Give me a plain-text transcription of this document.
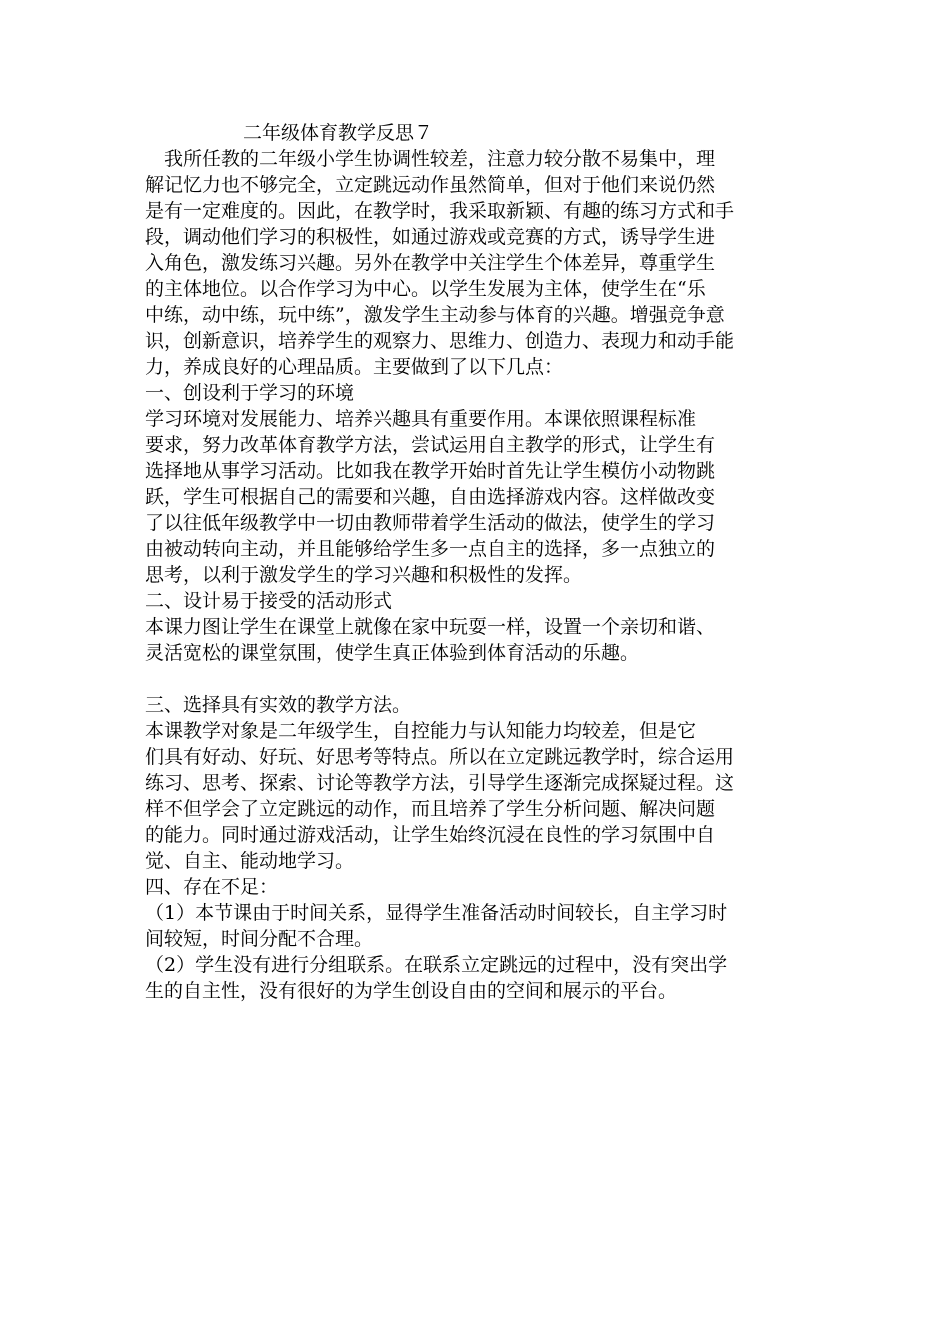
二年级体育教学反思７
　我所任教的二年级小学生协调性较差，注意力较分散不易集中，理
解记忆力也不够完全，立定跳远动作虽然简单，但对于他们来说仍然
是有一定难度的。因此，在教学时，我采取新颖、有趣的练习方式和手
段，调动他们学习的积极性，如通过游戏或竞赛的方式，诱导学生进
入角色，激发练习兴趣。另外在教学中关注学生个体差异，尊重学生
的主体地位。以合作学习为中心。以学生发展为主体，使学生在“乐
中练，动中练，玩中练”，激发学生主动参与体育的兴趣。增强竞争意
识，创新意识，培养学生的观察力、思维力、创造力、表现力和动手能
力，养成良好的心理品质。主要做到了以下几点：
一、创设利于学习的环境
学习环境对发展能力、培养兴趣具有重要作用。本课依照课程标准
要求，努力改革体育教学方法，尝试运用自主教学的形式，让学生有
选择地从事学习活动。比如我在教学开始时首先让学生模仿小动物跳
跃，学生可根据自己的需要和兴趣，自由选择游戏内容。这样做改变
了以往低年级教学中一切由教师带着学生活动的做法，使学生的学习
由被动转向主动，并且能够给学生多一点自主的选择，多一点独立的
思考，以利于激发学生的学习兴趣和积极性的发挥。
二、设计易于接受的活动形式
本课力图让学生在课堂上就像在家中玩耍一样，设置一个亲切和谐、
灵活宽松的课堂氛围，使学生真正体验到体育活动的乐趣。
三、选择具有实效的教学方法。
本课教学对象是二年级学生，自控能力与认知能力均较差，但是它
们具有好动、好玩、好思考等特点。所以在立定跳远教学时，综合运用
练习、思考、探索、讨论等教学方法，引导学生逐渐完成探疑过程。这
样不但学会了立定跳远的动作，而且培养了学生分析问题、解决问题
的能力。同时通过游戏活动，让学生始终沉浸在良性的学习氛围中自
觉、自主、能动地学习。
四、存在不足：
（1）本节课由于时间关系，显得学生准备活动时间较长，自主学习时
间较短，时间分配不合理。
（2）学生没有进行分组联系。在联系立定跳远的过程中，没有突出学
生的自主性，没有很好的为学生创设自由的空间和展示的平台。
